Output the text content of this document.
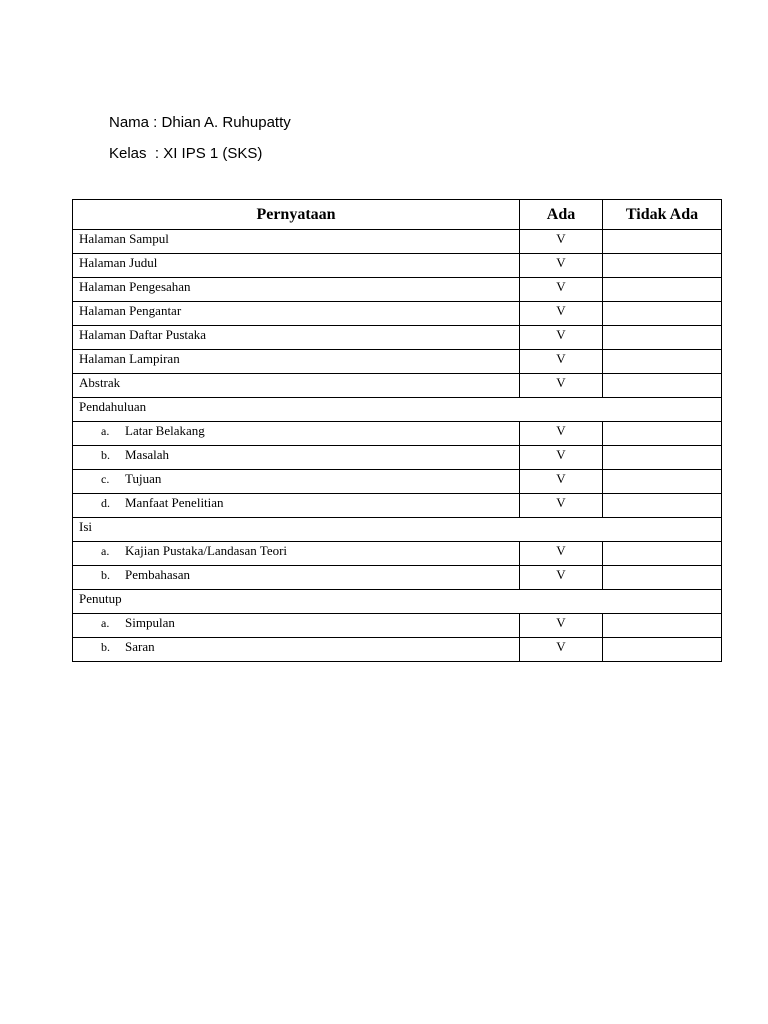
Nama : Dhian A. Ruhupatty
Kelas  : XI IPS 1 (SKS)
Pernyataan	Ada	Tidak Ada
Halaman Sampul	V	
Halaman Judul	V	
Halaman Pengesahan	V	
Halaman Pengantar	V	
Halaman Daftar Pustaka	V	
Halaman Lampiran	V	
Abstrak	V	
Pendahuluan		
a. Latar Belakang	V	
b. Masalah	V	
c. Tujuan	V	
d. Manfaat Penelitian	V	
Isi		
a. Kajian Pustaka/Landasan Teori	V	
b. Pembahasan	V	
Penutup		
a. Simpulan	V	
b. Saran	V	
